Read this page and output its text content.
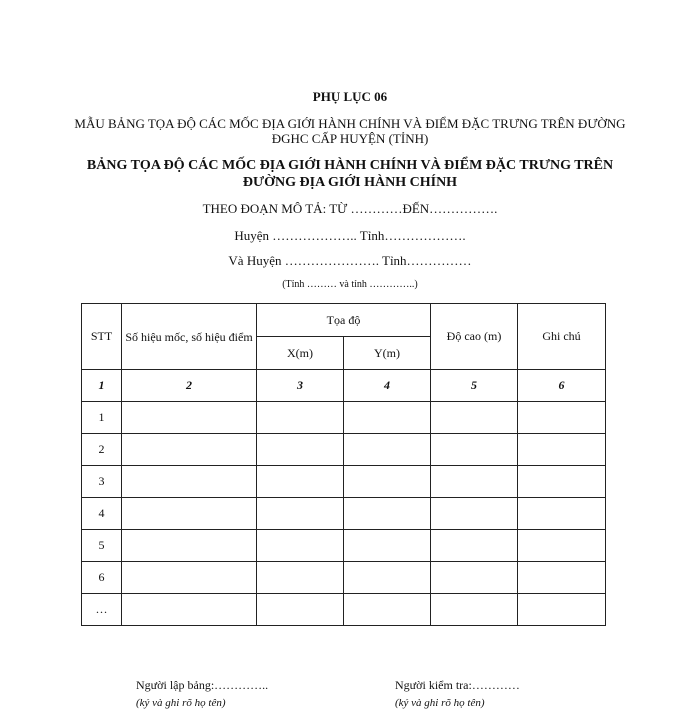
PHỤ LỤC 06
MẪU BẢNG TỌA ĐỘ CÁC MỐC ĐỊA GIỚI HÀNH CHÍNH VÀ ĐIỂM ĐẶC TRƯNG TRÊN ĐƯỜNG ĐGHC CẤP HUYỆN (TỈNH)
BẢNG TỌA ĐỘ CÁC MỐC ĐỊA GIỚI HÀNH CHÍNH VÀ ĐIỂM ĐẶC TRƯNG TRÊN ĐƯỜNG ĐỊA GIỚI HÀNH CHÍNH
THEO ĐOẠN MÔ TẢ: TỪ …………ĐẾN…………….
Huyện ……………….. Tỉnh……………….
Và Huyện …………………. Tỉnh……………
(Tỉnh ……… và tỉnh …………..)
STT	Số hiệu mốc, số hiệu điểm	Tọa độ		Độ cao (m)	Ghi chú
		X(m)	Y(m)		
1	2	3	4	5	6
1					
2					
3					
4					
5					
6					
…					
Người lập bảng:…………..
(ký và ghi rõ họ tên)
Người kiểm tra:…………
(ký và ghi rõ họ tên)
